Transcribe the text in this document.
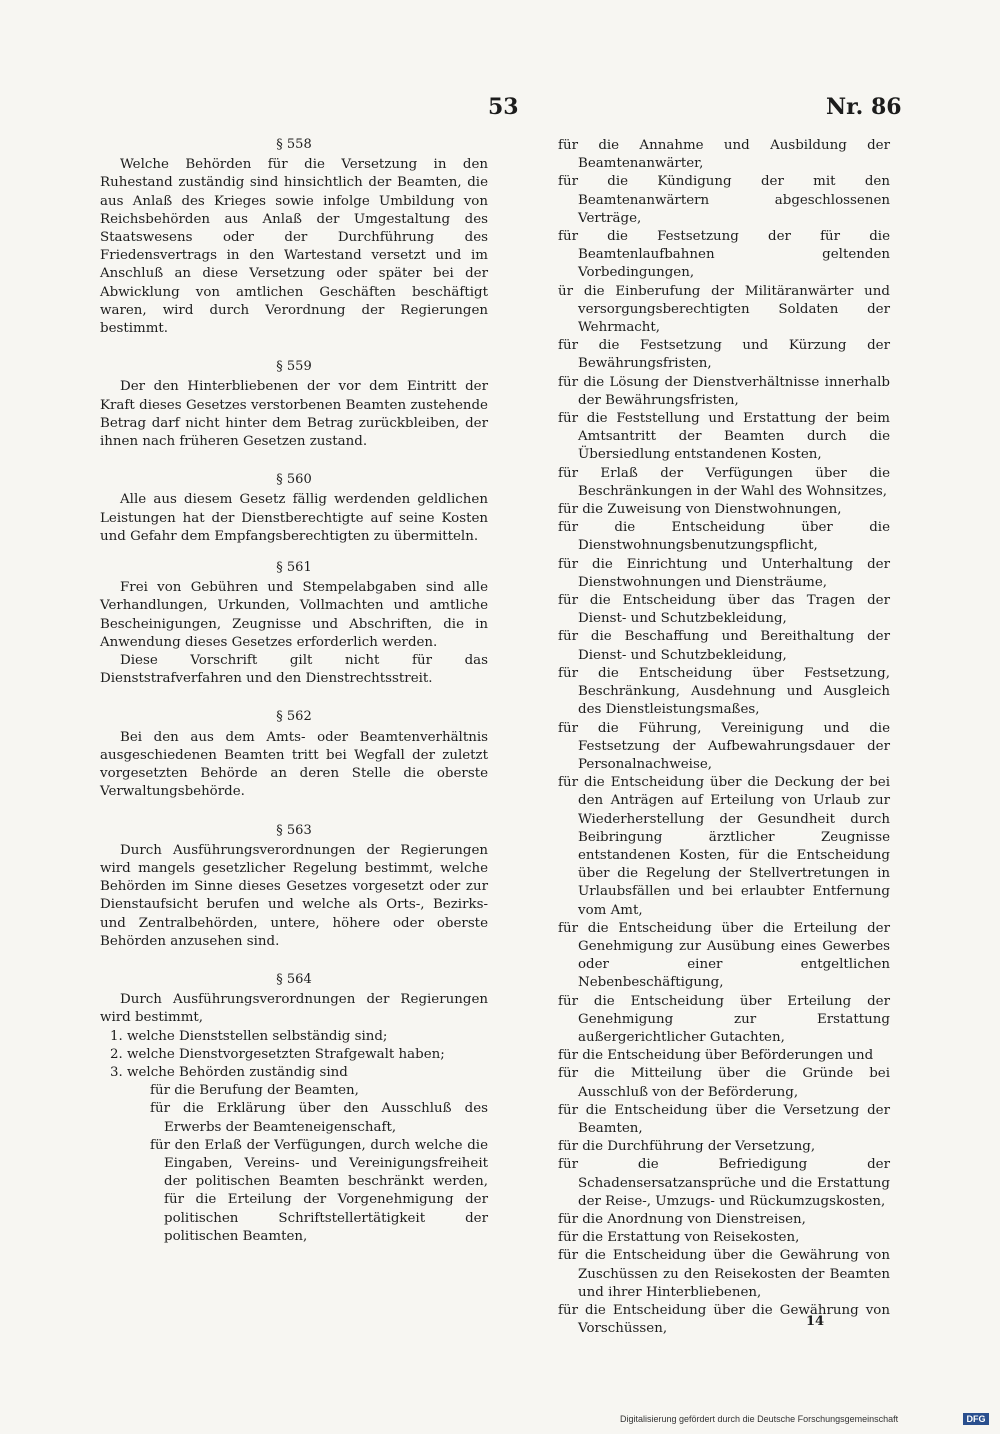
53	Nr. 86

§ 558

Welche Behörden für die Versetzung in den Ruhestand zuständig sind hinsichtlich der Beamten, die aus Anlaß des Krieges sowie infolge Umbildung von Reichsbehörden aus Anlaß der Umgestaltung des Staatswesens oder der Durchführung des Friedensvertrags in den Wartestand versetzt und im Anschluß an diese Versetzung oder später bei der Abwicklung von amtlichen Geschäften beschäftigt waren, wird durch Verordnung der Regierungen bestimmt.

§ 559

Der den Hinterbliebenen der vor dem Eintritt der Kraft dieses Gesetzes verstorbenen Beamten zustehende Betrag darf nicht hinter dem Betrag zurückbleiben, der ihnen nach früheren Gesetzen zustand.

§ 560

Alle aus diesem Gesetz fällig werdenden geldlichen Leistungen hat der Dienstberechtigte auf seine Kosten und Gefahr dem Empfangsberechtigten zu übermitteln.

§ 561

Frei von Gebühren und Stempelabgaben sind alle Verhandlungen, Urkunden, Vollmachten und amtliche Bescheinigungen, Zeugnisse und Abschriften, die in Anwendung dieses Gesetzes erforderlich werden.

Diese Vorschrift gilt nicht für das Dienststrafverfahren und den Dienstrechtsstreit.

§ 562

Bei den aus dem Amts- oder Beamtenverhältnis ausgeschiedenen Beamten tritt bei Wegfall der zuletzt vorgesetzten Behörde an deren Stelle die oberste Verwaltungsbehörde.

§ 563

Durch Ausführungsverordnungen der Regierungen wird mangels gesetzlicher Regelung bestimmt, welche Behörden im Sinne dieses Gesetzes vorgesetzt oder zur Dienstaufsicht berufen und welche als Orts-, Bezirks- und Zentralbehörden, untere, höhere oder oberste Behörden anzusehen sind.

§ 564

Durch Ausführungsverordnungen der Regierungen wird bestimmt,

1. welche Dienststellen selbständig sind;
2. welche Dienstvorgesetzten Strafgewalt haben;
3. welche Behörden zuständig sind
für die Berufung der Beamten,
für die Erklärung über den Ausschluß des Erwerbs der Beamteneigenschaft,
für den Erlaß der Verfügungen, durch welche die Eingaben, Vereins- und Vereinigungsfreiheit der politischen Beamten beschränkt werden, für die Erteilung der Vorgenehmigung der politischen Schriftstellertätigkeit der politischen Beamten,
für die Annahme und Ausbildung der Beamtenanwärter,
für die Kündigung der mit den Beamtenanwärtern abgeschlossenen Verträge,
für die Festsetzung der für die Beamtenlaufbahnen geltenden Vorbedingungen,
ür die Einberufung der Militäranwärter und versorgungsberechtigten Soldaten der Wehrmacht,
für die Festsetzung und Kürzung der Bewährungsfristen,
für die Lösung der Dienstverhältnisse innerhalb der Bewährungsfristen,
für die Feststellung und Erstattung der beim Amtsantritt der Beamten durch die Übersiedlung entstandenen Kosten,
für Erlaß der Verfügungen über die Beschränkungen in der Wahl des Wohnsitzes,
für die Zuweisung von Dienstwohnungen,
für die Entscheidung über die Dienstwohnungsbenutzungspflicht,
für die Einrichtung und Unterhaltung der Dienstwohnungen und Diensträume,
für die Entscheidung über das Tragen der Dienst- und Schutzbekleidung,
für die Beschaffung und Bereithaltung der Dienst- und Schutzbekleidung,
für die Entscheidung über Festsetzung, Beschränkung, Ausdehnung und Ausgleich des Dienstleistungsmaßes,
für die Führung, Vereinigung und die Festsetzung der Aufbewahrungsdauer der Personalnachweise,
für die Entscheidung über die Deckung der bei den Anträgen auf Erteilung von Urlaub zur Wiederherstellung der Gesundheit durch Beibringung ärztlicher Zeugnisse entstandenen Kosten, für die Entscheidung über die Regelung der Stellvertretungen in Urlaubsfällen und bei erlaubter Entfernung vom Amt,
für die Entscheidung über die Erteilung der Genehmigung zur Ausübung eines Gewerbes oder einer entgeltlichen Nebenbeschäftigung,
für die Entscheidung über Erteilung der Genehmigung zur Erstattung außergerichtlicher Gutachten,
für die Entscheidung über Beförderungen und
für die Mitteilung über die Gründe bei Ausschluß von der Beförderung,
für die Entscheidung über die Versetzung der Beamten,
für die Durchführung der Versetzung,
für die Befriedigung der Schadensersatzansprüche und die Erstattung der Reise-, Umzugs- und Rückumzugskosten,
für die Anordnung von Dienstreisen,
für die Erstattung von Reisekosten,
für die Entscheidung über die Gewährung von Zuschüssen zu den Reisekosten der Beamten und ihrer Hinterbliebenen,
für die Entscheidung über die Gewährung von Vorschüssen,	14
Digitalisierung gefördert durch die Deutsche Forschungsgemeinschaft	DFG
